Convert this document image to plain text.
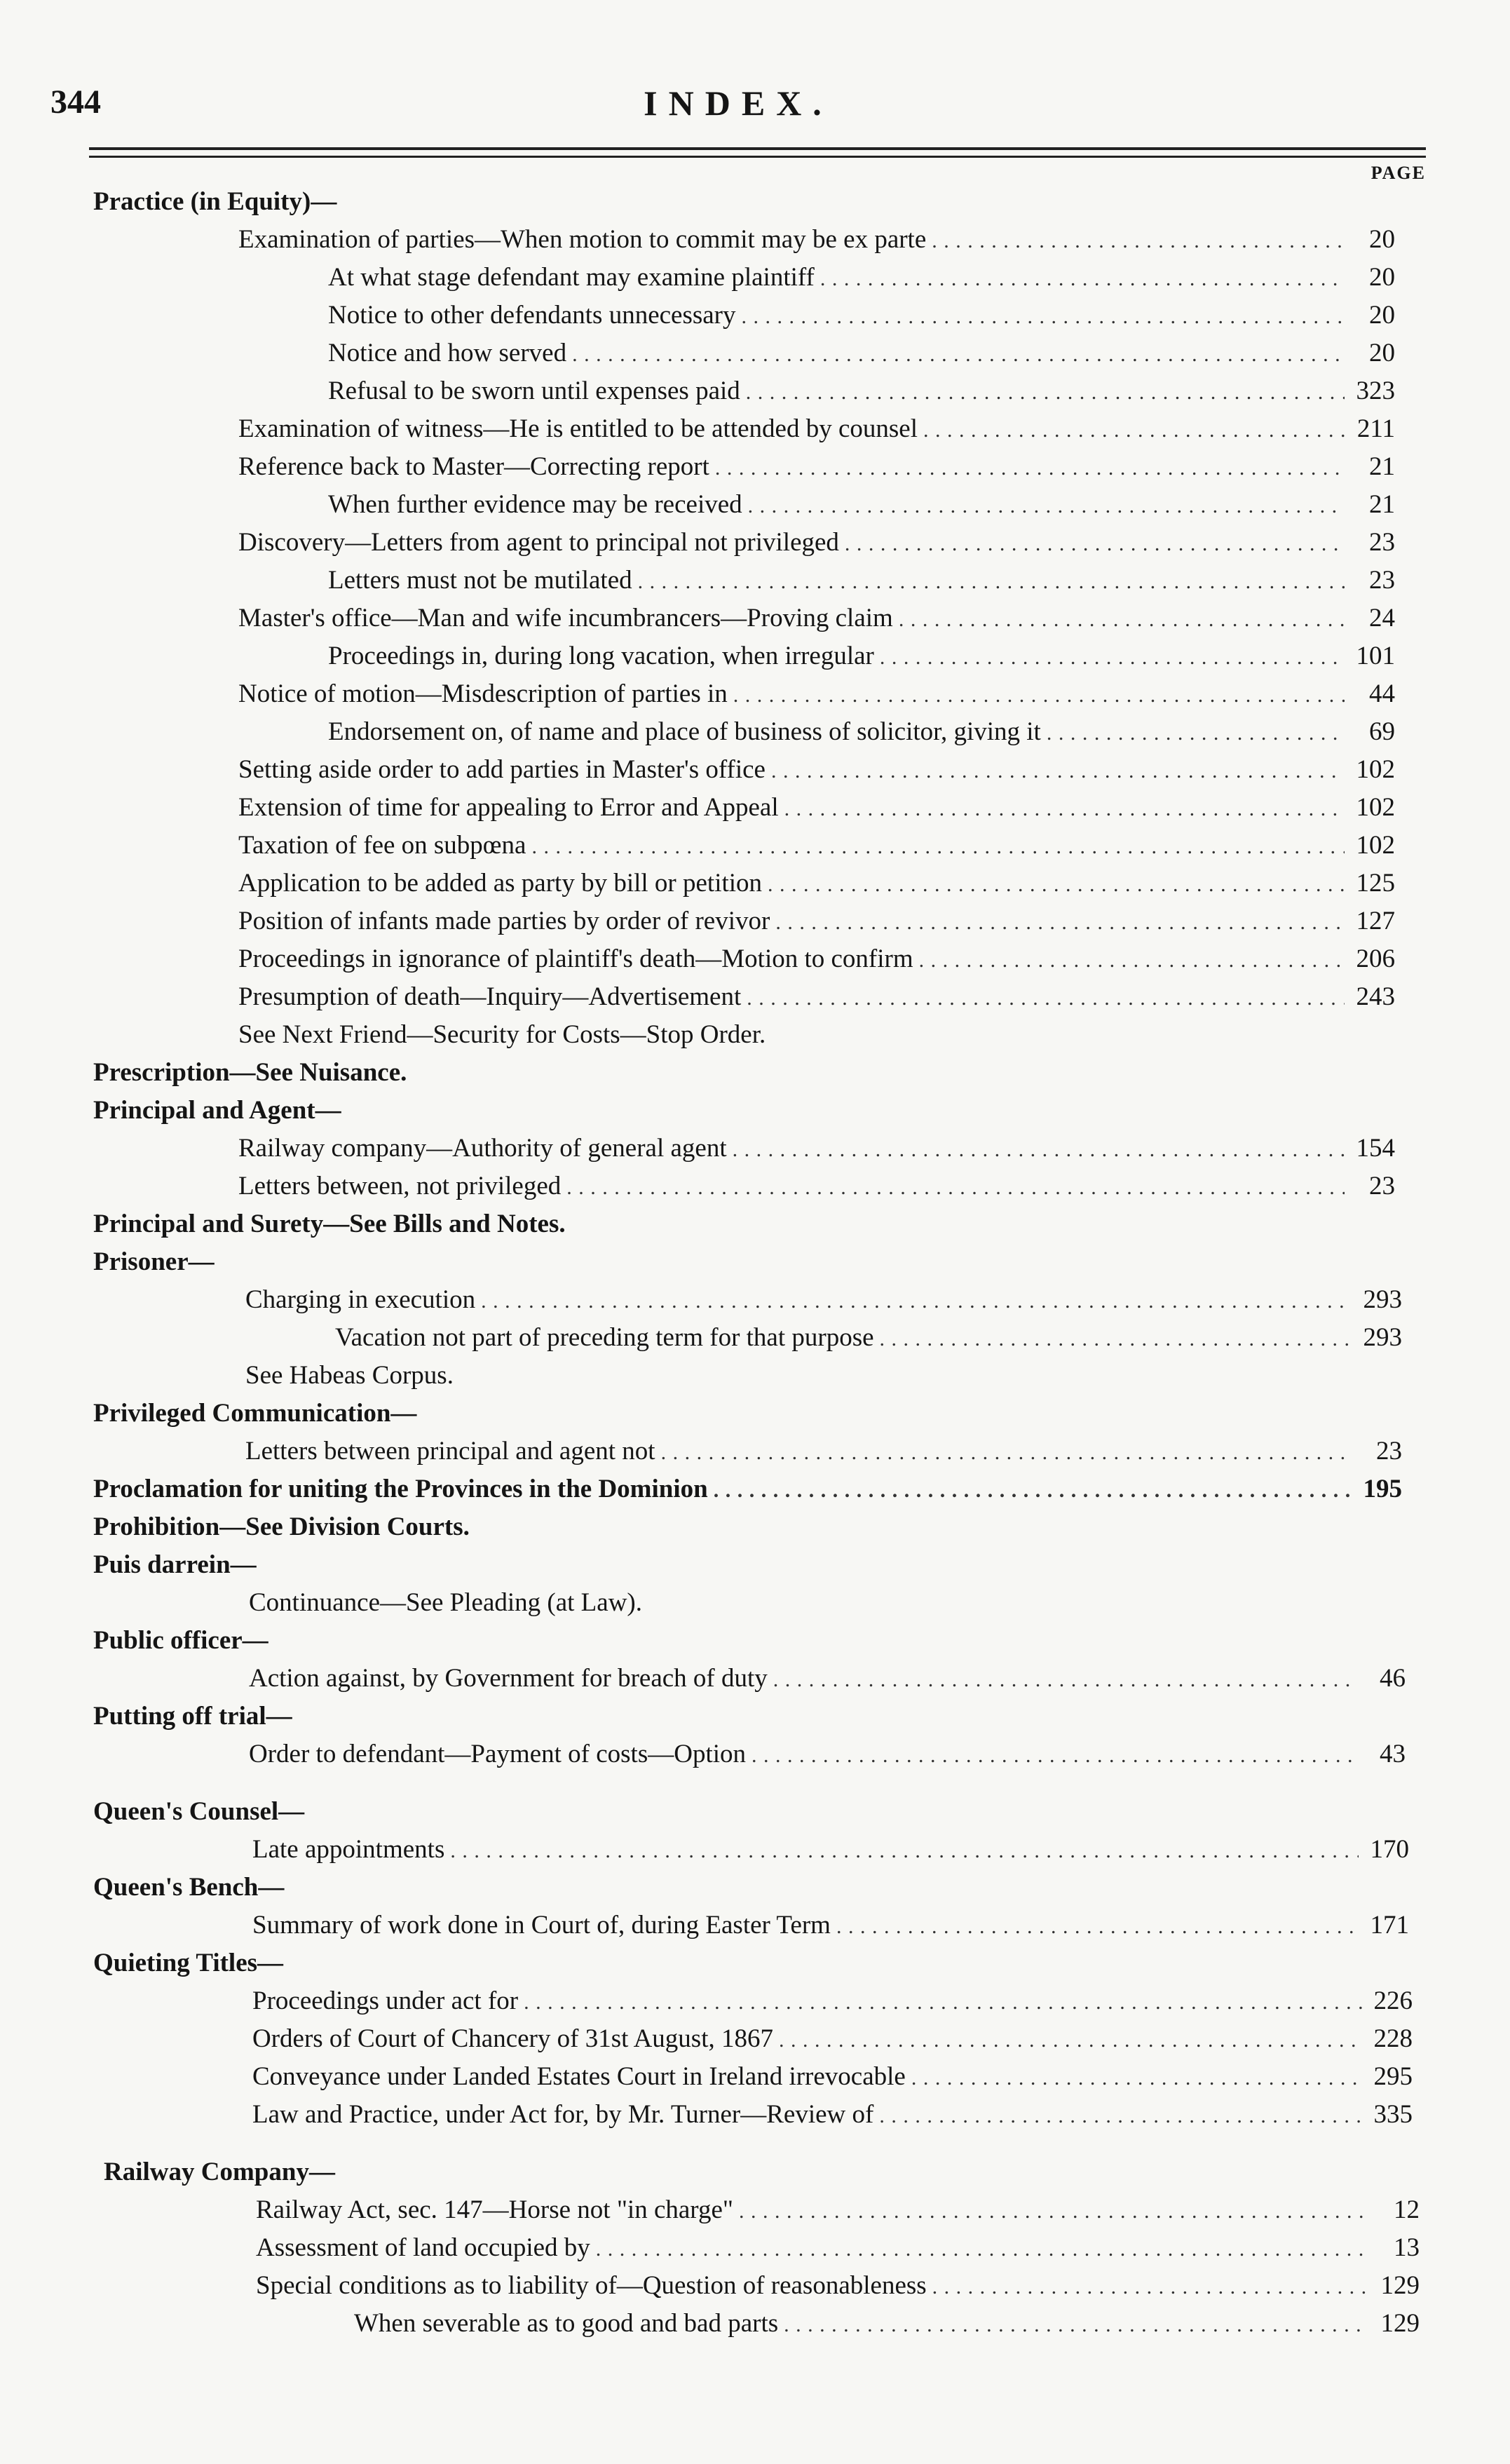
344	INDEX.
PAGE
Practice (in Equity)—
Examination of parties—When motion to commit may be ex parte . . .	20
At what stage defendant may examine plaintiff . . .	20
Notice to other defendants unnecessary . . .	20
Notice and how served . . .	20
Refusal to be sworn until expenses paid . . .	323
Examination of witness—He is entitled to be attended by counsel . . .	211
Reference back to Master—Correcting report . . .	21
When further evidence may be received . . .	21
Discovery—Letters from agent to principal not privileged . . .	23
Letters must not be mutilated . . .	23
Master's office—Man and wife incumbrancers—Proving claim . . .	24
Proceedings in, during long vacation, when irregular . . .	101
Notice of motion—Misdescription of parties in . . .	44
Endorsement on, of name and place of business of solicitor, giving it . . .	69
Setting aside order to add parties in Master's office . . .	102
Extension of time for appealing to Error and Appeal . . .	102
Taxation of fee on subpœna . . .	102
Application to be added as party by bill or petition . . .	125
Position of infants made parties by order of revivor . . .	127
Proceedings in ignorance of plaintiff's death—Motion to confirm . . .	206
Presumption of death—Inquiry—Advertisement . . .	243
See Next Friend—Security for Costs—Stop Order.
Prescription—See Nuisance.
Principal and Agent—
Railway company—Authority of general agent . . .	154
Letters between, not privileged . . .	23
Principal and Surety—See Bills and Notes.
Prisoner—
Charging in execution . . .	293
Vacation not part of preceding term for that purpose . . .	293
See Habeas Corpus.
Privileged Communication—
Letters between principal and agent not . . .	23
Proclamation for uniting the Provinces in the Dominion . . .	195
Prohibition—See Division Courts.
Puis darrein—
Continuance—See Pleading (at Law).
Public officer—
Action against, by Government for breach of duty . . .	46
Putting off trial—
Order to defendant—Payment of costs—Option . . .	43
Queen's Counsel—
Late appointments . . .	170
Queen's Bench—
Summary of work done in Court of, during Easter Term . . .	171
Quieting Titles—
Proceedings under act for . . .	226
Orders of Court of Chancery of 31st August, 1867 . . .	228
Conveyance under Landed Estates Court in Ireland irrevocable . . .	295
Law and Practice, under Act for, by Mr. Turner—Review of . . .	335
Railway Company—
Railway Act, sec. 147—Horse not "in charge" . . .	12
Assessment of land occupied by . . .	13
Special conditions as to liability of—Question of reasonableness . . .	129
When severable as to good and bad parts . . .	129
